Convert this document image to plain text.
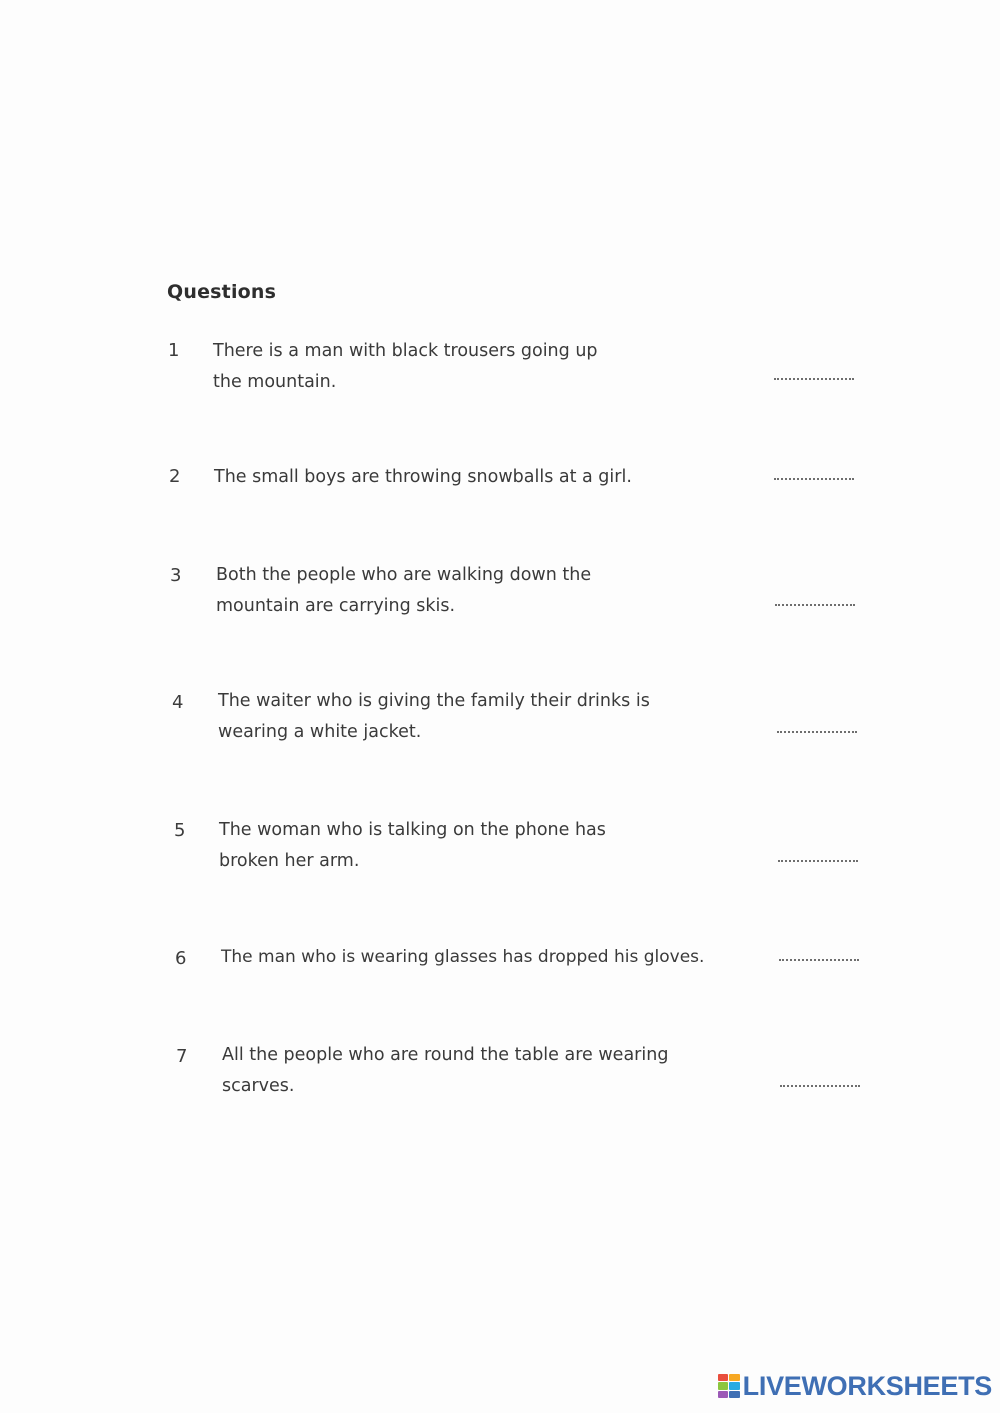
Questions
1 There is a man with black trousers going up
the mountain.
2 The small boys are throwing snowballs at a girl.
3 Both the people who are walking down the
mountain are carrying skis.
4 The waiter who is giving the family their drinks is
wearing a white jacket.
5 The woman who is talking on the phone has
broken her arm.
6 The man who is wearing glasses has dropped his gloves.
7 All the people who are round the table are wearing
scarves.
LIVEWORKSHEETS
